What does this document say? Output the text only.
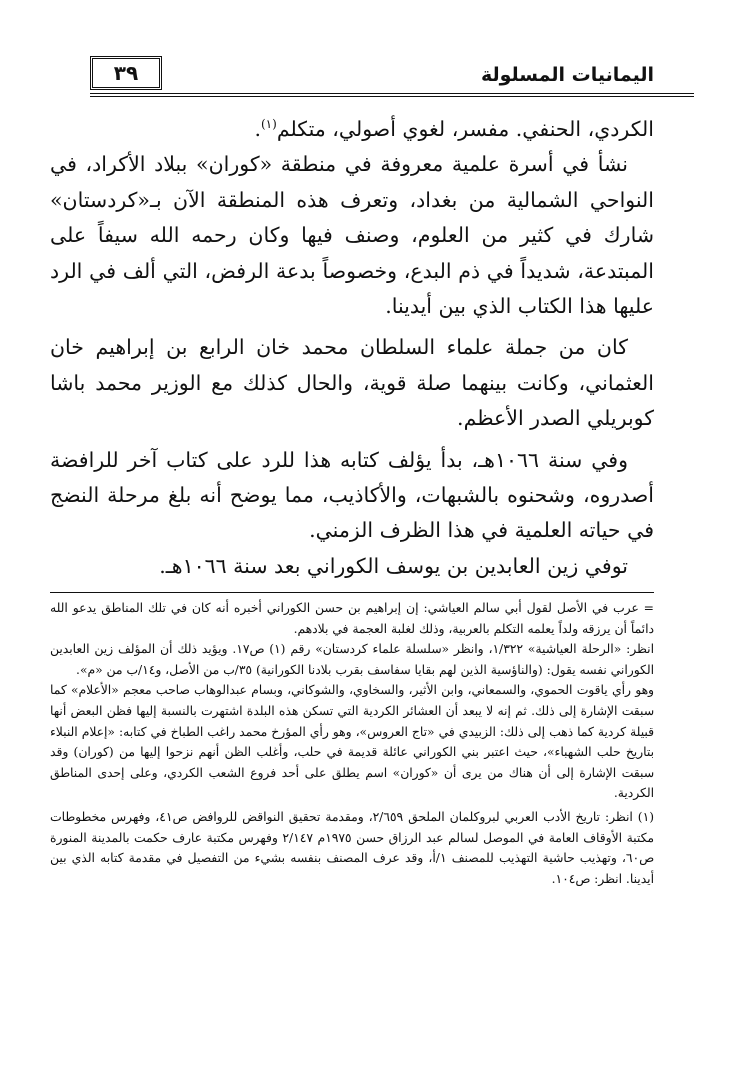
٣٩	اليمانيات المسلولة

الكردي، الحنفي. مفسر، لغوي أصولي، متكلم$^{(١)}$.

نشأ في أسرة علمية معروفة في منطقة «كوران» ببلاد الأكراد، في النواحي الشمالية من بغداد، وتعرف هذه المنطقة الآن بـ«كردستان» شارك في كثير من العلوم، وصنف فيها وكان رحمه الله سيفاً على المبتدعة، شديداً في ذم البدع، وخصوصاً بدعة الرفض، التي ألف في الرد عليها هذا الكتاب الذي بين أيدينا.

كان من جملة علماء السلطان محمد خان الرابع بن إبراهيم خان العثماني، وكانت بينهما صلة قوية، والحال كذلك مع الوزير محمد باشا كوبريلي الصدر الأعظم.

وفي سنة ١٠٦٦هـ، بدأ يؤلف كتابه هذا للرد على كتاب آخر للرافضة أصدروه، وشحنوه بالشبهات، والأكاذيب، مما يوضح أنه بلغ مرحلة النضج في حياته العلمية في هذا الظرف الزمني.

توفي زين العابدين بن يوسف الكوراني بعد سنة ١٠٦٦هـ.

= عرب في الأصل لقول أبي سالم العياشي: إن إبراهيم بن حسن الكوراني أخبره أنه كان في تلك المناطق يدعو الله دائماً أن يرزقه ولداً يعلمه التكلم بالعربية، وذلك لغلبة العجمة في بلادهم.

انظر: «الرحلة العياشية» ١/٣٢٢، وانظر «سلسلة علماء كردستان» رقم (١) ص١٧. ويؤيد ذلك أن المؤلف زين العابدين الكوراني نفسه يقول: (والناؤسية الذين لهم بقايا سفاسف بقرب بلادنا الكورانية) ٣٥/ب من الأصل، و١٤/ب من «م».

وهو رأي ياقوت الحموي، والسمعاني، وابن الأثير، والسخاوي، والشوكاني، وبسام عبدالوهاب صاحب معجم «الأعلام» كما سبقت الإشارة إلى ذلك. ثم إنه لا يبعد أن العشائر الكردية التي تسكن هذه البلدة اشتهرت بالنسبة إليها فظن البعض أنها قبيلة كردية كما ذهب إلى ذلك: الزبيدي في «تاج العروس»، وهو رأي المؤرخ محمد راغب الطباخ في كتابه: «إعلام النبلاء بتاريخ حلب الشهباء»، حيث اعتبر بني الكوراني عائلة قديمة في حلب، وأغلب الظن أنهم نزحوا إليها من (كوران) وقد سبقت الإشارة إلى أن هناك من يرى أن «كوران» اسم يطلق على أحد فروع الشعب الكردي، وعلى إحدى المناطق الكردية.

(١) انظر: تاريخ الأدب العربي لبروكلمان الملحق ٢/٦٥٩، ومقدمة تحقيق النواقض للروافض ص٤١، وفهرس مخطوطات مكتبة الأوقاف العامة في الموصل لسالم عبد الرزاق حسن ١٩٧٥م ٢/١٤٧ وفهرس مكتبة عارف حكمت بالمدينة المنورة ص٦٠، وتهذيب حاشية التهذيب للمصنف ١/أ، وقد عرف المصنف بنفسه بشيء من التفصيل في مقدمة كتابه الذي بين أيدينا. انظر: ص١٠٤.
